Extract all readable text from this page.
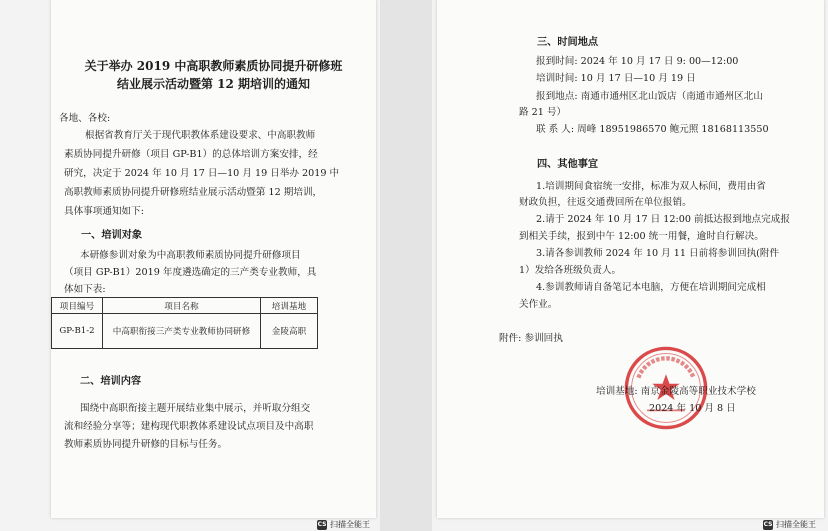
关于举办 2019 中高职教师素质协同提升研修班
结业展示活动暨第 12 期培训的通知
各地、各校:
根据省教育厅关于现代职教体系建设要求、中高职教师
素质协同提升研修（项目 GP-B1）的总体培训方案安排，经
研究，决定于 2024 年 10 月 17 日—10 月 19 日举办 2019 中
高职教师素质协同提升研修班结业展示活动暨第 12 期培训，
具体事项通知如下:
一、培训对象
本研修参训对象为中高职教师素质协同提升研修项目
（项目 GP-B1）2019 年度遴选确定的三产类专业教师，具
体如下表:
项目编号	项目名称	培训基地
GP-B1-2	中高职衔接三产类专业教师协同研修	金陵高职
二、培训内容
围绕中高职衔接主题开展结业集中展示，并听取分组交
流和经验分享等；建构现代职教体系建设试点项目及中高职
教师素质协同提升研修的目标与任务。
三、时间地点
报到时间: 2024 年 10 月 17 日 9: 00—12:00
培训时间: 10 月 17 日—10 月 19 日
报到地点: 南通市通州区北山饭店（南通市通州区北山
路 21 号）
联 系 人: 周峰 18951986570 鲍元照 18168113550
四、其他事宜
1.培训期间食宿统一安排，标准为双人标间，费用由省
财政负担，往返交通费回所在单位报销。
2.请于 2024 年 10 月 17 日 12:00 前抵达报到地点完成报
到相关手续，报到中午 12:00 统一用餐，逾时自行解决。
3.请各参训教师 2024 年 10 月 11 日前将参训回执(附件
1）发给各班级负责人。
4.参训教师请自备笔记本电脑，方便在培训期间完成相
关作业。
附件: 参训回执
培训基地: 南京金陵高等职业技术学校
2024 年 10 月 8 日
CS 扫描全能王	CS 扫描全能王
